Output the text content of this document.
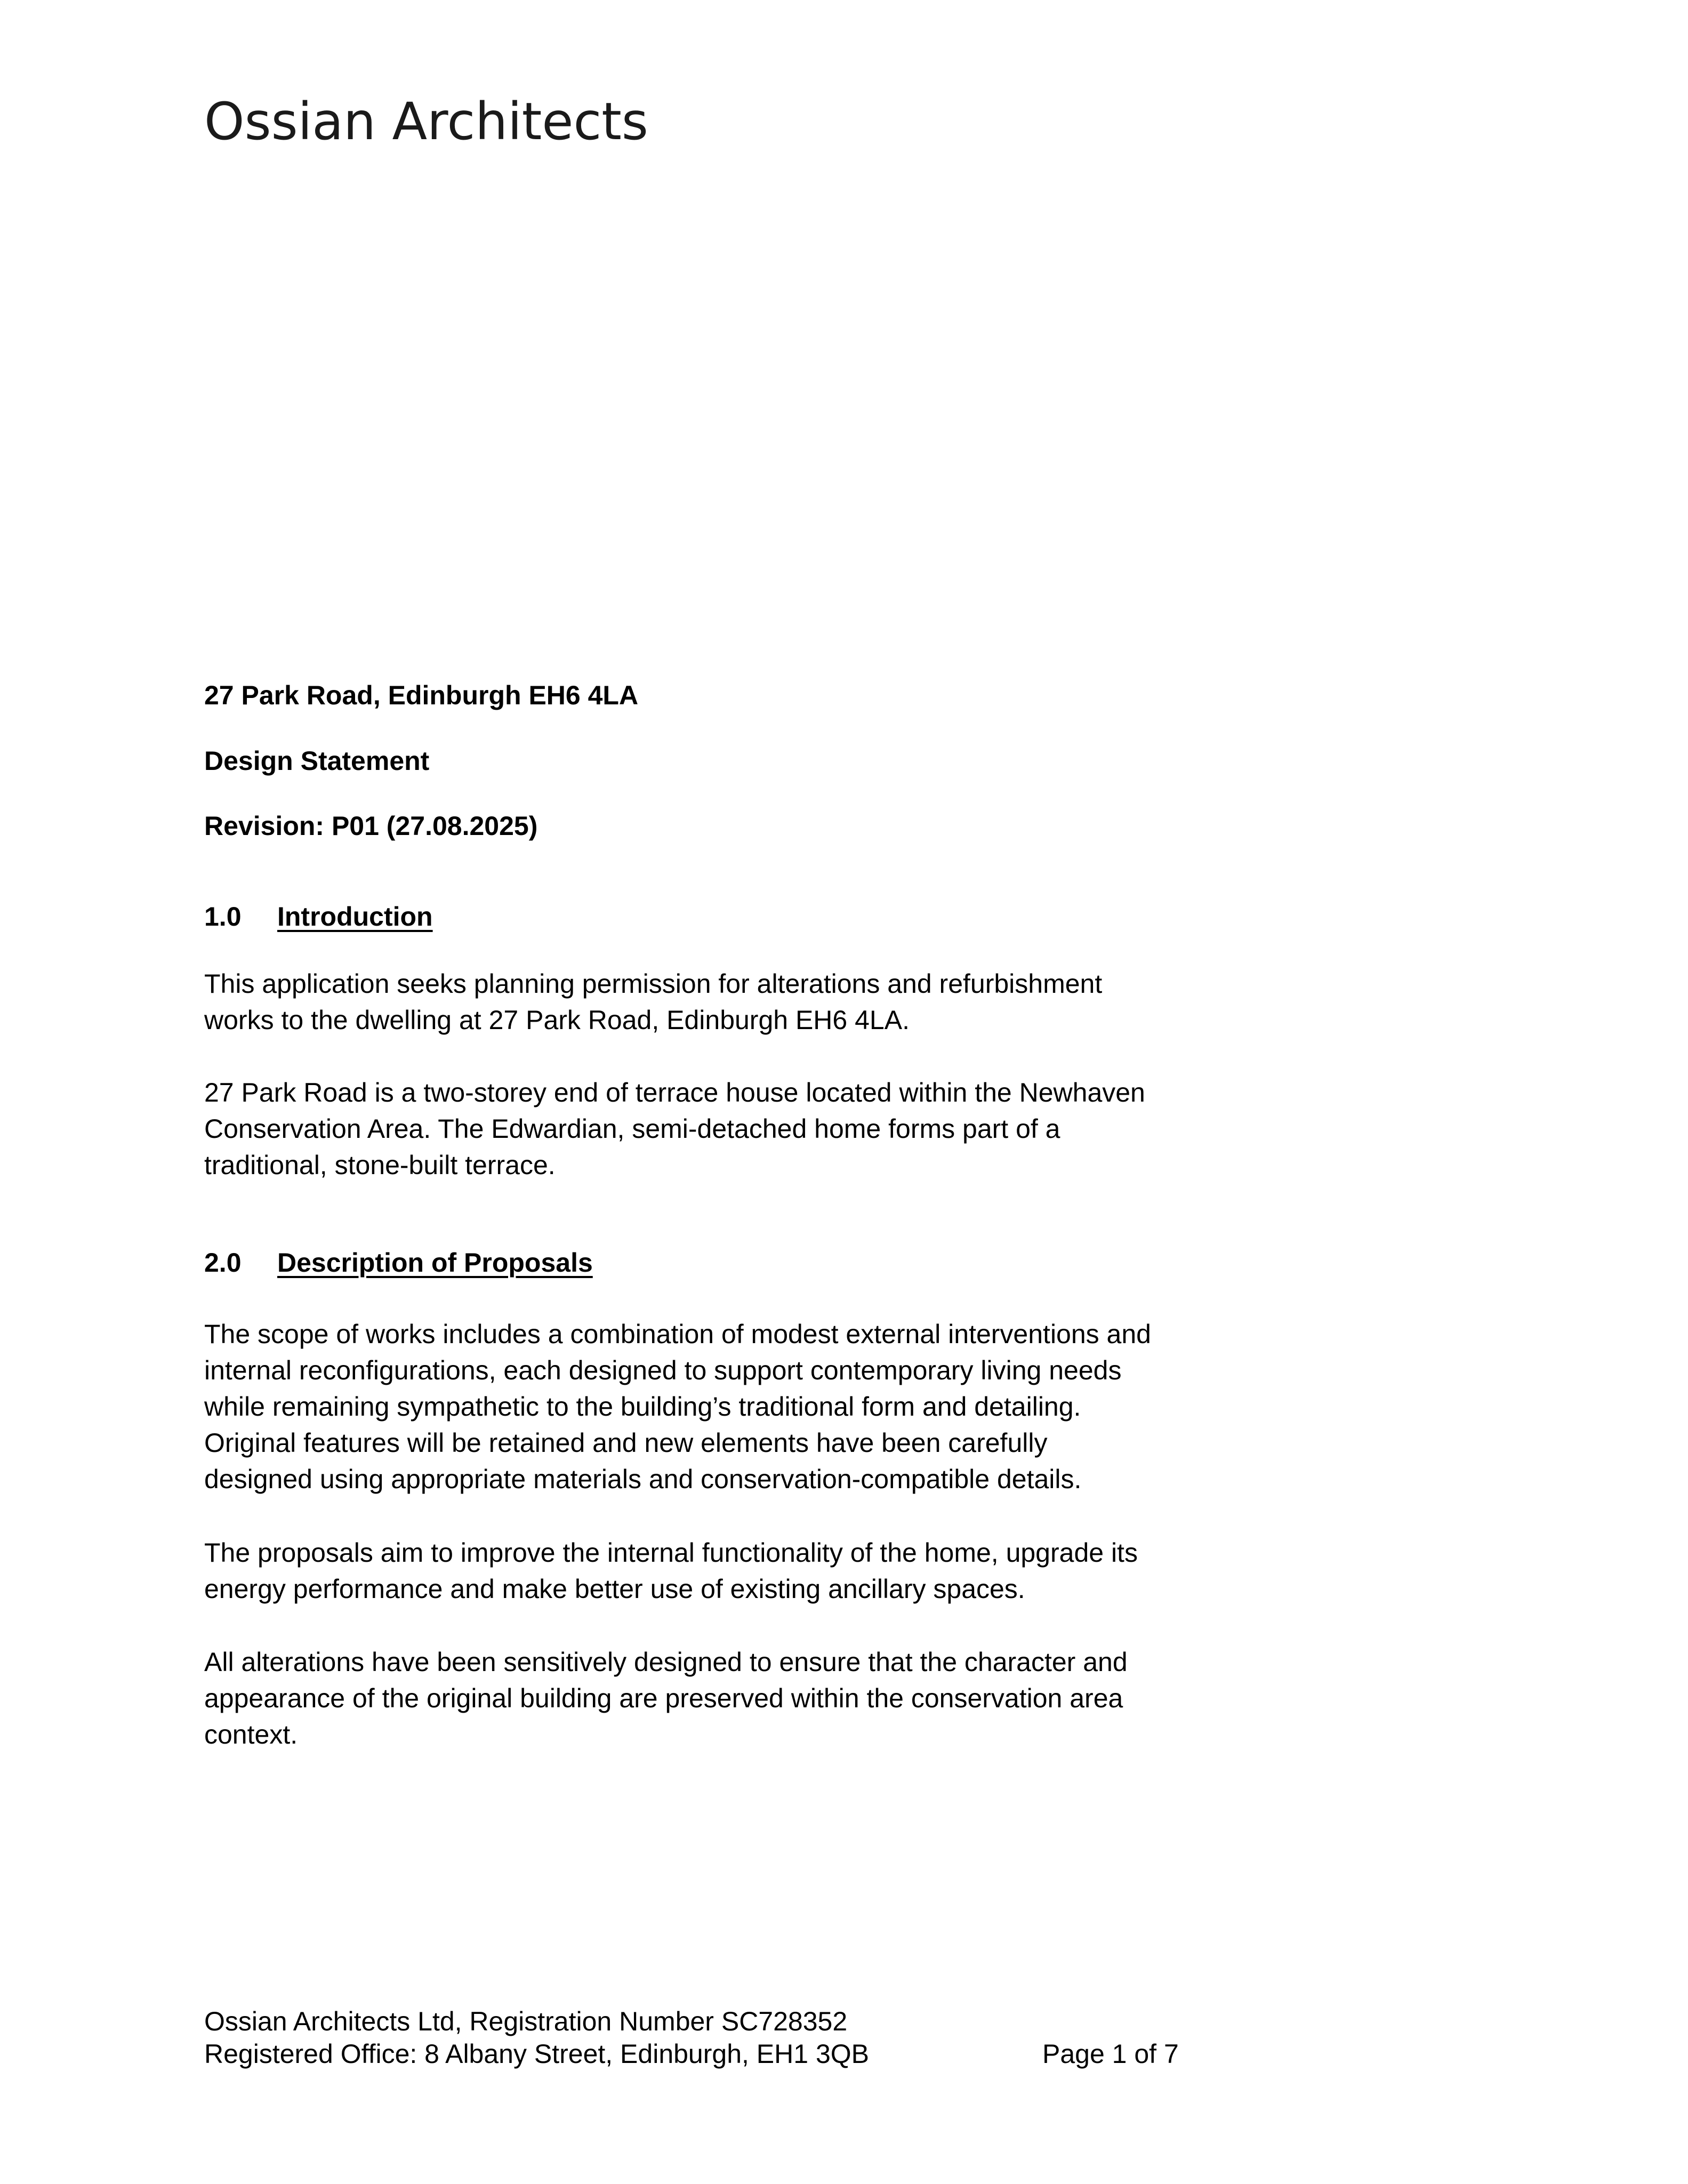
Ossian Architects
27 Park Road, Edinburgh EH6 4LA
Design Statement
Revision: P01 (27.08.2025)
1.0 Introduction
This application seeks planning permission for alterations and refurbishment
works to the dwelling at 27 Park Road, Edinburgh EH6 4LA.
27 Park Road is a two-storey end of terrace house located within the Newhaven
Conservation Area. The Edwardian, semi-detached home forms part of a
traditional, stone-built terrace.
2.0 Description of Proposals
The scope of works includes a combination of modest external interventions and
internal reconfigurations, each designed to support contemporary living needs
while remaining sympathetic to the building’s traditional form and detailing.
Original features will be retained and new elements have been carefully
designed using appropriate materials and conservation-compatible details.
The proposals aim to improve the internal functionality of the home, upgrade its
energy performance and make better use of existing ancillary spaces.
All alterations have been sensitively designed to ensure that the character and
appearance of the original building are preserved within the conservation area
context.
Ossian Architects Ltd, Registration Number SC728352
Registered Office: 8 Albany Street, Edinburgh, EH1 3QB	Page 1 of 7
